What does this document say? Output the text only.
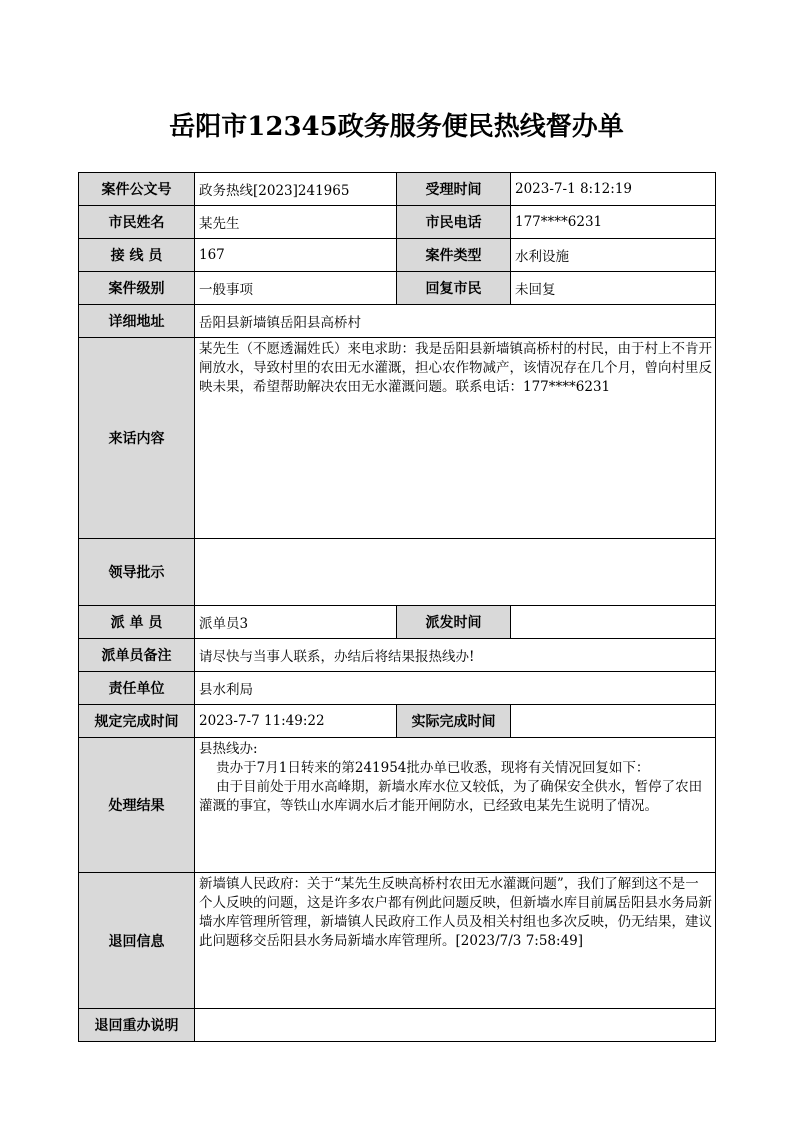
岳阳市12345政务服务便民热线督办单
案件公文号	政务热线[2023]241965	受理时间	2023-7-1 8:12:19
市民姓名	某先生	市民电话	177****6231
接 线 员	167	案件类型	水利设施
案件级别	一般事项	回复市民	未回复
详细地址	岳阳县新墙镇岳阳县高桥村		
来话内容	某先生（不愿透漏姓氏）来电求助：我是岳阳县新墙镇高桥村的村民，由于村上不肯开闸放水，导致村里的农田无水灌溉，担心农作物减产，该情况存在几个月，曾向村里反映未果，希望帮助解决农田无水灌溉问题。联系电话：177****6231		
领导批示			
派 单 员	派单员3	派发时间	
派单员备注	请尽快与当事人联系，办结后将结果报热线办!		
责任单位	县水利局		
规定完成时间	2023-7-7 11:49:22	实际完成时间	
处理结果	县热线办:
贵办于7月1日转来的第241954批办单已收悉，现将有关情况回复如下：
由于目前处于用水高峰期，新墙水库水位又较低，为了确保安全供水，暂停了农田灌溉的事宜，等铁山水库调水后才能开闸防水，已经致电某先生说明了情况。		
退回信息	新墙镇人民政府：关于“某先生反映高桥村农田无水灌溉问题”，我们了解到这不是一个人反映的问题，这是许多农户都有例此问题反映，但新墙水库目前属岳阳县水务局新墙水库管理所管理，新墙镇人民政府工作人员及相关村组也多次反映，仍无结果，建议此问题移交岳阳县水务局新墙水库管理所。[2023/7/3 7:58:49]		
退回重办说明			
